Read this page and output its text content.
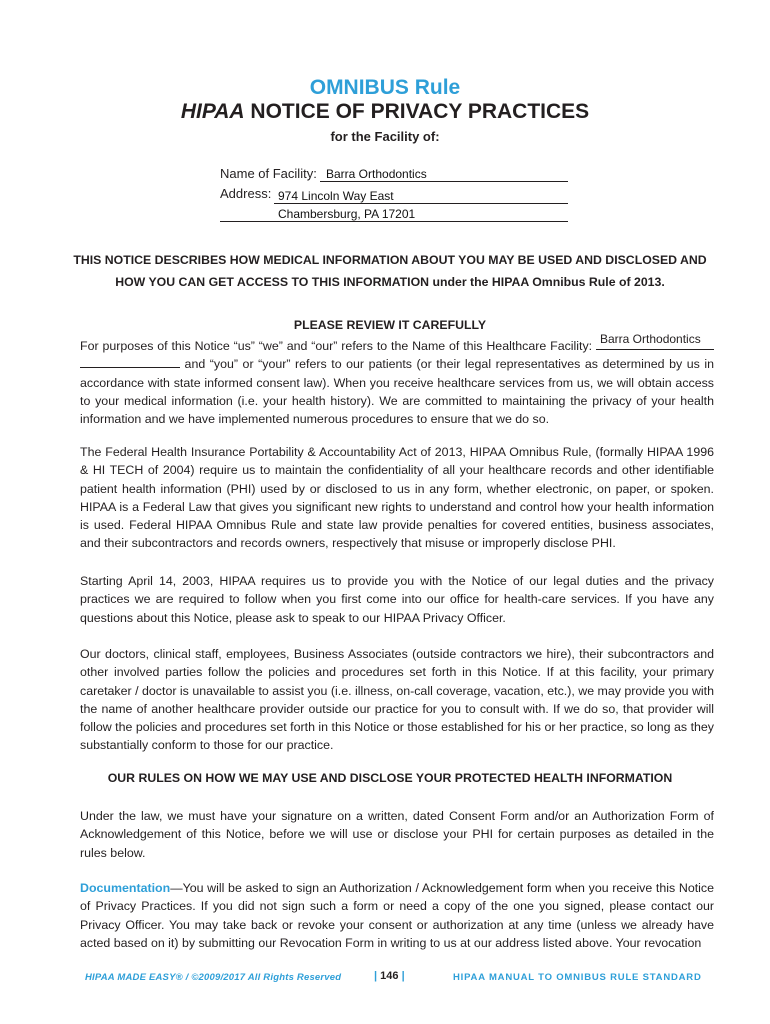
OMNIBUS Rule
HIPAA NOTICE OF PRIVACY PRACTICES
for the Facility of:
Name of Facility: Barra Orthodontics
Address: 974 Lincoln Way East
Chambersburg, PA 17201
THIS NOTICE DESCRIBES HOW MEDICAL INFORMATION ABOUT YOU MAY BE USED AND DISCLOSED AND
HOW YOU CAN GET ACCESS TO THIS INFORMATION under the HIPAA Omnibus Rule of 2013.
PLEASE REVIEW IT CAREFULLY

For purposes of this Notice “us” “we” and “our” refers to the Name of this Healthcare Facility:
Barra Orthodontics
and “you” or “your” refers to our patients (or their legal representatives as determined by us in accordance with state informed consent law). When you receive healthcare services from us, we will obtain access to your medical information (i.e. your health history). We are committed to maintaining the privacy of your health information and we have implemented numerous procedures to ensure that we do so.

The Federal Health Insurance Portability & Accountability Act of 2013, HIPAA Omnibus Rule, (formally HIPAA 1996 & HI TECH of 2004) require us to maintain the confidentiality of all your healthcare records and other identifiable patient health information (PHI) used by or disclosed to us in any form, whether electronic, on paper, or spoken. HIPAA is a Federal Law that gives you significant new rights to understand and control how your health information is used. Federal HIPAA Omnibus Rule and state law provide penalties for covered entities, business associates, and their subcontractors and records owners, respectively that misuse or improperly disclose PHI.

Starting April 14, 2003, HIPAA requires us to provide you with the Notice of our legal duties and the privacy practices we are required to follow when you first come into our office for health-care services. If you have any questions about this Notice, please ask to speak to our HIPAA Privacy Officer.

Our doctors, clinical staff, employees, Business Associates (outside contractors we hire), their subcontractors and other involved parties follow the policies and procedures set forth in this Notice. If at this facility, your primary caretaker / doctor is unavailable to assist you (i.e. illness, on-call coverage, vacation, etc.), we may provide you with the name of another healthcare provider outside our practice for you to consult with. If we do so, that provider will follow the policies and procedures set forth in this Notice or those established for his or her practice, so long as they substantially conform to those for our practice.

OUR RULES ON HOW WE MAY USE AND DISCLOSE YOUR PROTECTED HEALTH INFORMATION

Under the law, we must have your signature on a written, dated Consent Form and/or an Authorization Form of Acknowledgement of this Notice, before we will use or disclose your PHI for certain purposes as detailed in the rules below.

Documentation—You will be asked to sign an Authorization / Acknowledgement form when you receive this Notice of Privacy Practices. If you did not sign such a form or need a copy of the one you signed, please contact our Privacy Officer. You may take back or revoke your consent or authorization at any time (unless we already have acted based on it) by submitting our Revocation Form in writing to us at our address listed above. Your revocation

HIPAA MADE EASY® / ©2009/2017 All Rights Reserved	| 146 |	HIPAA MANUAL TO OMNIBUS RULE STANDARD
